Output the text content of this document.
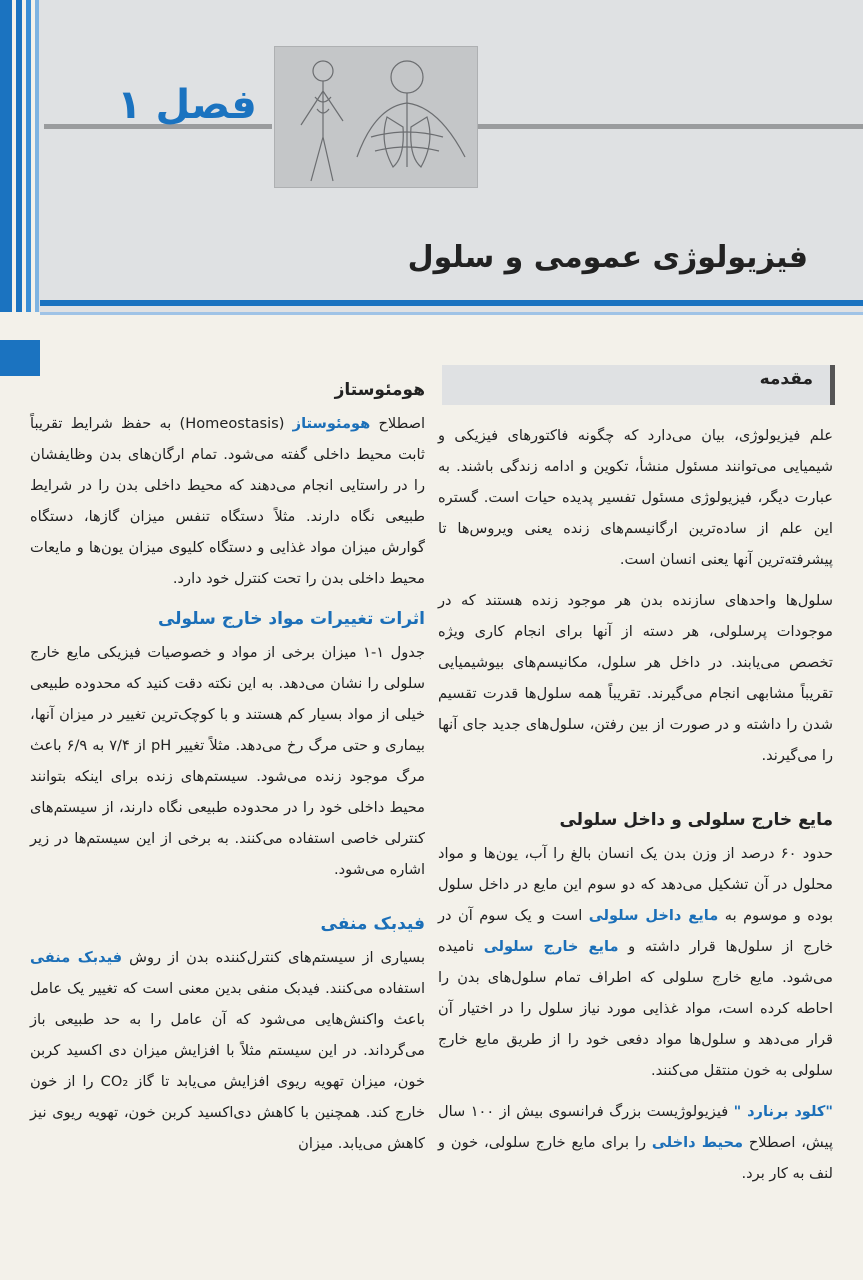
فصل ۱
فیزیولوژی عمومی و سلول
مقدمه

علم فیزیولوژی، بیان می‌دارد که چگونه فاکتورهای فیزیکی و شیمیایی می‌توانند مسئول منشأ، تکوین و ادامه زندگی باشند. به عبارت دیگر، فیزیولوژی مسئول تفسیر پدیده حیات است. گستره این علم از ساده‌ترین ارگانیسم‌های زنده یعنی ویروس‌ها تا پیشرفته‌ترین آنها یعنی انسان است.

سلول‌ها واحدهای سازنده بدن هر موجود زنده هستند که در موجودات پرسلولی، هر دسته از آنها برای انجام کاری ویژه تخصص می‌یابند. در داخل هر سلول، مکانیسم‌های بیوشیمیایی تقریباً مشابهی انجام می‌گیرند. تقریباً همه سلول‌ها قدرت تقسیم شدن را داشته و در صورت از بین رفتن، سلول‌های جدید جای آنها را می‌گیرند.

مایع خارج سلولی و داخل سلولی

حدود ۶۰ درصد از وزن بدن یک انسان بالغ را آب، یون‌ها و مواد محلول در آن تشکیل می‌دهد که دو سوم این مایع در داخل سلول بوده و موسوم به مایع داخل سلولی است و یک سوم آن در خارج از سلول‌ها قرار داشته و مایع خارج سلولی نامیده می‌شود. مایع خارج سلولی که اطراف تمام سلول‌های بدن را احاطه کرده است، مواد غذایی مورد نیاز سلول را در اختیار آن قرار می‌دهد و سلول‌ها مواد دفعی خود را از طریق مایع خارج سلولی به خون منتقل می‌کنند.

"کلود برنارد " فیزیولوژیست بزرگ فرانسوی بیش از ۱۰۰ سال پیش، اصطلاح محیط داخلی را برای مایع خارج سلولی، خون و لنف به کار برد.

هومئوستاز

اصطلاح هومئوستاز (Homeostasis) به حفظ شرایط تقریباً ثابت محیط داخلی گفته می‌شود. تمام ارگان‌های بدن وظایفشان را در راستایی انجام می‌دهند که محیط داخلی بدن را در شرایط طبیعی نگاه دارند. مثلاً دستگاه تنفس میزان گازها، دستگاه گوارش میزان مواد غذایی و دستگاه کلیوی میزان یون‌ها و مایعات محیط داخلی بدن را تحت کنترل خود دارد.

اثرات تغییرات مواد خارج سلولی

جدول ۱-۱ میزان برخی از مواد و خصوصیات فیزیکی مایع خارج سلولی را نشان می‌دهد. به این نکته دقت کنید که محدوده طبیعی خیلی از مواد بسیار کم هستند و با کوچک‌ترین تغییر در میزان آنها، بیماری و حتی مرگ رخ می‌دهد. مثلاً تغییر pH از ۷/۴ به ۶/۹ باعث مرگ موجود زنده می‌شود. سیستم‌های زنده برای اینکه بتوانند محیط داخلی خود را در محدوده طبیعی نگاه دارند، از سیستم‌های کنترلی خاصی استفاده می‌کنند. به برخی از این سیستم‌ها در زیر اشاره می‌شود.

فیدبک منفی

بسیاری از سیستم‌های کنترل‌کننده بدن از روش فیدبک منفی استفاده می‌کنند. فیدبک منفی بدین معنی است که تغییر یک عامل باعث واکنش‌هایی می‌شود که آن عامل را به حد طبیعی باز می‌گرداند. در این سیستم مثلاً با افزایش میزان دی اکسید کربن خون، میزان تهویه ریوی افزایش می‌یابد تا گاز CO₂ را از خون خارج کند. همچنین با کاهش دی‌اکسید کربن خون، تهویه ریوی نیز کاهش می‌یابد. میزان
